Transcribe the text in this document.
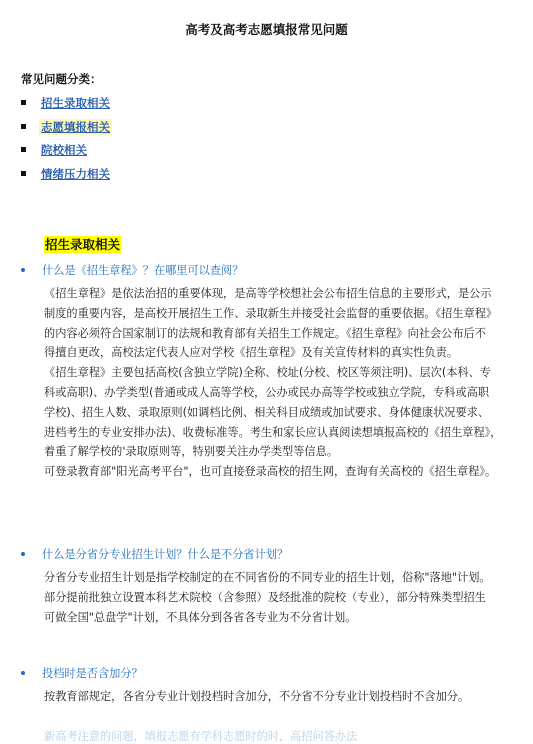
高考及高考志愿填报常见问题
常见问题分类：
招生录取相关
志愿填报相关
院校相关
情绪压力相关
招生录取相关
什么是《招生章程》？在哪里可以查阅？
《招生章程》是依法治招的重要体现，是高等学校想社会公布招生信息的主要形式，是公示
制度的重要内容，是高校开展招生工作、录取新生并接受社会监督的重要依据。《招生章程》
的内容必须符合国家制订的法规和教育部有关招生工作规定。《招生章程》向社会公布后不
得擅自更改，高校法定代表人应对学校《招生章程》及有关宣传材料的真实性负责。
《招生章程》主要包括高校(含独立学院)全称、校址(分校、校区等须注明)、层次(本科、专
科或高职)、办学类型(普通或成人高等学校，公办或民办高等学校或独立学院，专科或高职
学校)、招生人数、录取原则(如调档比例、相关科目成绩或加试要求、身体健康状况要求、
进档考生的专业安排办法)、收费标准等。考生和家长应认真阅读想填报高校的《招生章程》，
着重了解学校的'录取原则等，特别要关注办学类型等信息。
可登录教育部"阳光高考平台"，也可直接登录高校的招生网，查询有关高校的《招生章程》。
什么是分省分专业招生计划？什么是不分省计划？
分省分专业招生计划是指学校制定的在不同省份的不同专业的招生计划，俗称"落地"计划。
部分提前批独立设置本科艺术院校（含参照）及经批准的院校（专业），部分特殊类型招生
可做全国"总盘学"计划，不具体分到各省各专业为不分省计划。
投档时是否含加分？
按教育部规定，各省分专业计划投档时含加分，不分省不分专业计划投档时不含加分。
新高考注意的问题，填报志愿有学科志愿时的时，高招问答办法
